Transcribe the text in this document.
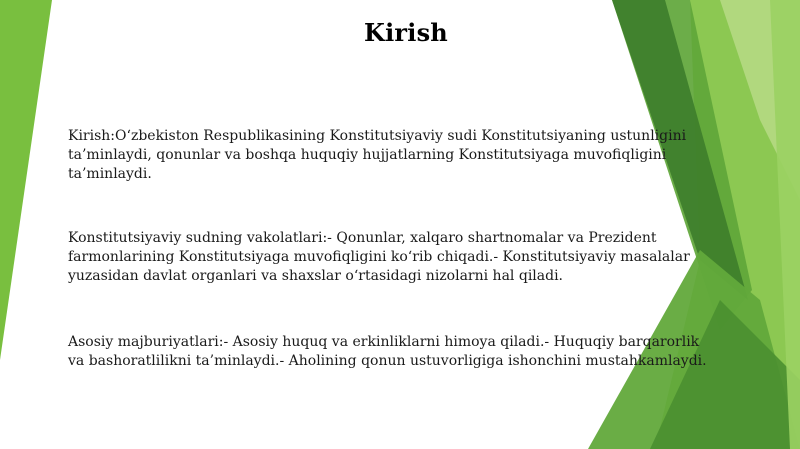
Kirish
Kirish:O‘zbekiston Respublikasining Konstitutsiyaviy sudi Konstitutsiyaning ustunligini ta’minlaydi, qonunlar va boshqa huquqiy hujjatlarning Konstitutsiyaga muvofiqligini ta’minlaydi.
Konstitutsiyaviy sudning vakolatlari:- Qonunlar, xalqaro shartnomalar va Prezident farmonlarining Konstitutsiyaga muvofiqligini ko‘rib chiqadi.- Konstitutsiyaviy masalalar yuzasidan davlat organlari va shaxslar o‘rtasidagi nizolarni hal qiladi.
Asosiy majburiyatlari:- Asosiy huquq va erkinliklarni himoya qiladi.- Huquqiy barqarorlik va bashoratlilikni ta’minlaydi.- Aholining qonun ustuvorligiga ishonchini mustahkamlaydi.
